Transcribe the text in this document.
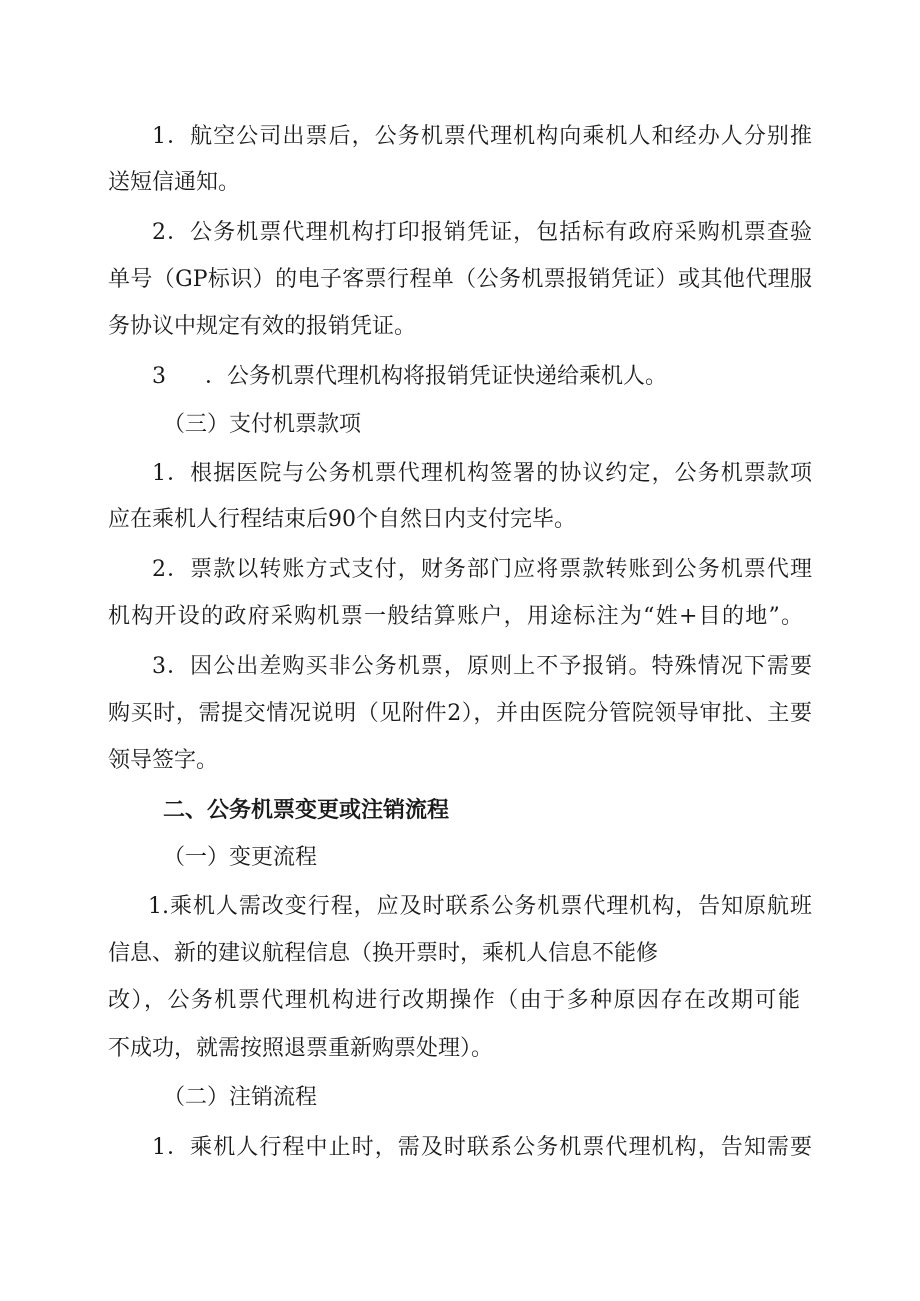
1．航空公司出票后，公务机票代理机构向乘机人和经办人分别推
送短信通知。
2．公务机票代理机构打印报销凭证，包括标有政府采购机票查验
单号（GP标识）的电子客票行程单（公务机票报销凭证）或其他代理服
务协议中规定有效的报销凭证。
3 ．公务机票代理机构将报销凭证快递给乘机人。
（三）支付机票款项
1．根据医院与公务机票代理机构签署的协议约定，公务机票款项
应在乘机人行程结束后90个自然日内支付完毕。
2．票款以转账方式支付，财务部门应将票款转账到公务机票代理
机构开设的政府采购机票一般结算账户，用途标注为“姓+目的地”。
3．因公出差购买非公务机票，原则上不予报销。特殊情况下需要
购买时，需提交情况说明（见附件2），并由医院分管院领导审批、主要
领导签字。
二、公务机票变更或注销流程
（一）变更流程
1.乘机人需改变行程，应及时联系公务机票代理机构，告知原航班
信息、新的建议航程信息（换开票时，乘机人信息不能修
改），公务机票代理机构进行改期操作（由于多种原因存在改期可能
不成功，就需按照退票重新购票处理）。
（二）注销流程
1．乘机人行程中止时，需及时联系公务机票代理机构，告知需要
